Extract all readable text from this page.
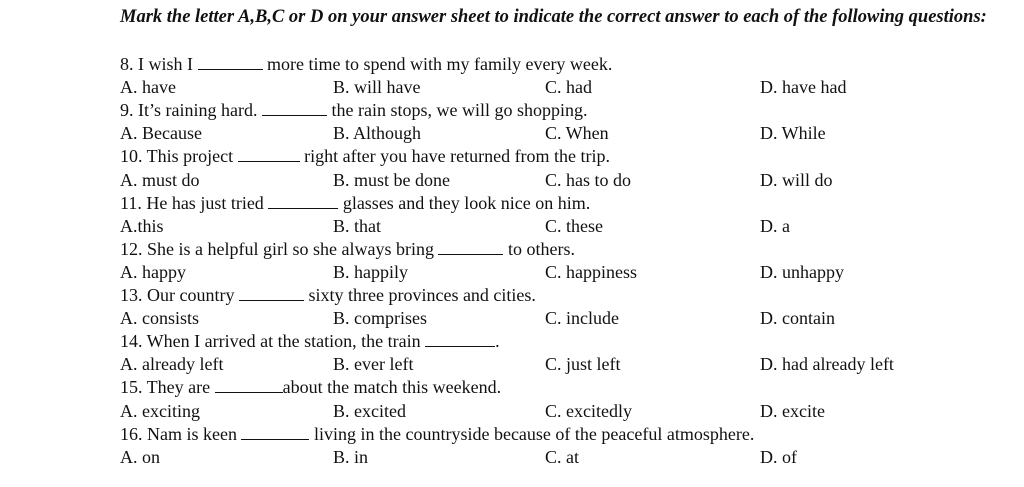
Mark the letter A,B,C or D on your answer sheet to indicate the correct answer to each of the following questions:
8. I wish I	more time to spend with my family every week.
A. have	B. will have	C. had	D. have had
9. It’s raining hard.	the rain stops, we will go shopping.
A. Because	B. Although	C. When	D. While
10. This project	right after you have returned from the trip.
A. must do	B. must be done	C. has to do	D. will do
11. He has just tried	glasses and they look nice on him.
A.this	B. that	C. these	D. a
12. She is a helpful girl so she always bring	to others.
A. happy	B. happily	C. happiness	D. unhappy
13. Our country	sixty three provinces and cities.
A. consists	B. comprises	C. include	D. contain
14. When I arrived at the station, the train	.
A. already left	B. ever left	C. just left	D. had already left
15. They are	about the match this weekend.
A. exciting	B. excited	C. excitedly	D. excite
16. Nam is keen	living in the countryside because of the peaceful atmosphere.
A. on	B. in	C. at	D. of
